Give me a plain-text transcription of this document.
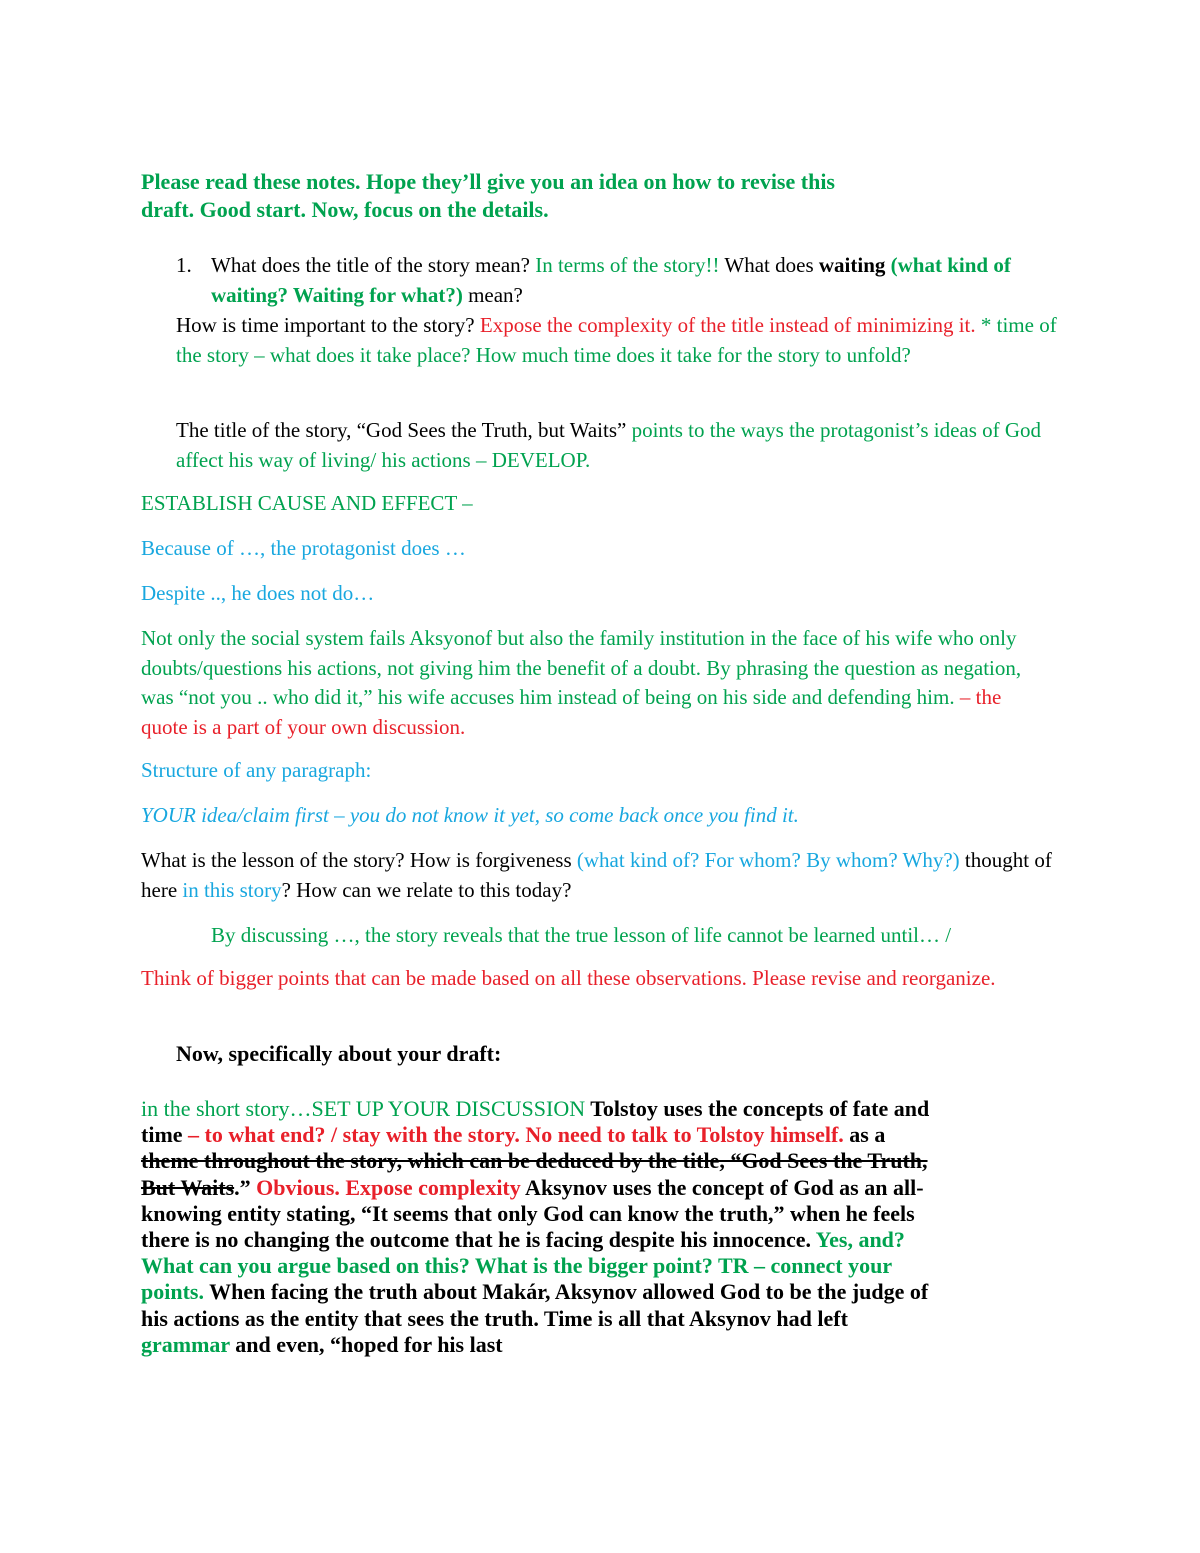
Please read these notes. Hope they’ll give you an idea on how to revise this
draft. Good start. Now, focus on the details.
1. What does the title of the story mean? In terms of the story!! What does waiting (what kind of waiting? Waiting for what?) mean?
How is time important to the story? Expose the complexity of the title instead of minimizing it. * time of the story – what does it take place? How much time does it take for the story to unfold?
The title of the story, “God Sees the Truth, but Waits” points to the ways the protagonist’s ideas of God affect his way of living/ his actions – DEVELOP.
ESTABLISH CAUSE AND EFFECT –
Because of …, the protagonist does …
Despite .., he does not do…
Not only the social system fails Aksyonof but also the family institution in the face of his wife who only doubts/questions his actions, not giving him the benefit of a doubt. By phrasing the question as negation, was “not you .. who did it,” his wife accuses him instead of being on his side and defending him. – the quote is a part of your own discussion.
Structure of any paragraph:
YOUR idea/claim first – you do not know it yet, so come back once you find it.
What is the lesson of the story? How is forgiveness (what kind of? For whom? By whom? Why?) thought of here in this story? How can we relate to this today?
By discussing …, the story reveals that the true lesson of life cannot be learned until… /
Think of bigger points that can be made based on all these observations. Please revise and reorganize.
Now, specifically about your draft:
in the short story…SET UP YOUR DISCUSSION Tolstoy uses the concepts of fate and time – to what end? / stay with the story. No need to talk to Tolstoy himself. as a theme throughout the story, which can be deduced by the title, “God Sees the Truth, But Waits.” Obvious. Expose complexity Aksynov uses the concept of God as an all-knowing entity stating, “It seems that only God can know the truth,” when he feels there is no changing the outcome that he is facing despite his innocence. Yes, and? What can you argue based on this? What is the bigger point? TR – connect your points. When facing the truth about Makár, Aksynov allowed God to be the judge of his actions as the entity that sees the truth. Time is all that Aksynov had left grammar and even, “hoped for his last
